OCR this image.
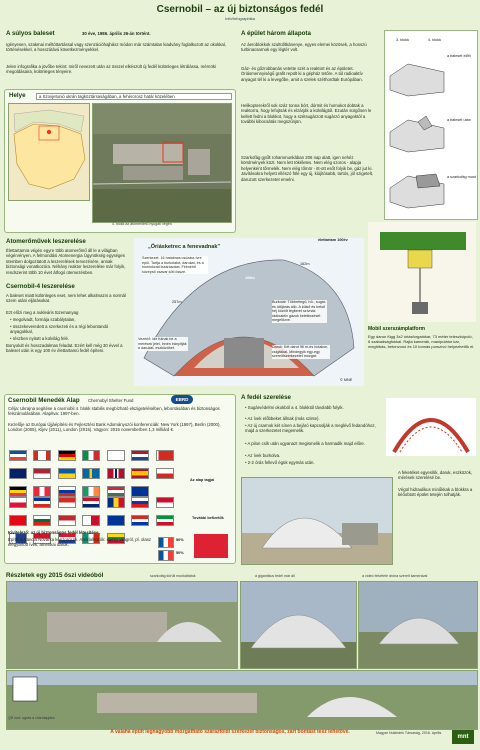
Csernobil – az új biztonságos fedél
Infó/Infographika
A súlyos baleset	30 éve, 1986. április 26-án történt.
Igényesen, szakmai méltóttartással vagy szenzációhajhász módon már számtalan kiadvány foglalkozott az okokkal, történésekkel, a hosszútávú következményekkel.
Jelen infografika a jövőbe tekint: miről nevezett után az összel elkészült új fedél különleges létrálássa, mérnöki megoldásaira, különleges tényeire.
Helye	a Szovjetunió ukrán tagköztársaságában, a fehérorosz határ közelében
4. blokk az atomerőmű nyugati végén
A épület három állapota
Az áeroblokkok szultülítkánenye, egyes elemei közösek, a hosszú turbinacsarnok egy légtér volt.
Gáz- és gőzrobbanás vetette szét a reaktort és az épületet. Óriásmennyiségű grafit repült ki a gépház tetőre. A túl radioaktív anyagot tél ki a levegőbe, amit a szelek széthordtak Európában.
Helikopterekről sok száz tonna bórt, dórmit és homokot dobtak a reaktorra, hogy lefojtsák és elzárják a külvilágtól. Ezután sürgősen le kellett fedni a blokkot, hogy a szétsugárzott sugárzó anyagoktól a további kibocsátás megszűnjön.
Szarkofág gyűlt rohammunkában 206 nap alatt, igen nehéz körülmények közt. Nem lett tökéletes. Nem elég szoros - alapja helyenként tőrmelék. Nem elég tőmör - itt-ott esőt folyik be, gáz jut ki. Javításokra helyett ellészó fölé egy új, kiújítósabb, tartós, jól szigetelt, daruzott szerkezetet emelni.
3. blokk	4. blokk
a baleset előtt
a baleset után
a szarkofág most
Atomerőművek leszerelése
Élettartamra végén egyre több atomerőmű áll le a világban végérvényen. A felmondási Atomenergia Ügynökség egységes ütemben dolgoztatott a leszerelések tervezésére, annak biztonsági vonatkozóra. Néhány reaktor leszerelése már folyik, rendszerint több 10 évet átfogó ütemezésben.
Csernobil-4 leszerelése
A baleset miatt különleges eset, nem lehet alkalmazni a normál üzem utáni eljárásokat.
Ezt előzi meg a nukleáris tüzemanyag
• megolvadt, formája szabálytalan,
• összekeveredett a szerkezeti és a régi lebontandó anyagokkal,
• részben nyitott a külvilág felé.
Bonyolult és hosszadalmas feladat. Ezért kell még 30 évvel a baleset után is egy 100 év élettartamú fedél építeni.
„Óriásketrec a fenevadnak”
élettartam 100év
Szerkezet: 16 hatalmas csúzára ívre épül. Tartja a burkolatot, darukat, és a homlokzati lezárásokat. Félméhő középső csavar köti össze.
Burkolat: Többrétegű, hő-, sugár- és időjárás álló. A külső és belső héj között légiteret szívnak radioaktív gázok keletkezését megelőzve.
Vezérlő: ide futnak be a mérések jelei, innen irányítják a darukat, eszközöket.	Daruk: Két darut 96 m-es hídakon, csigákkal. Mindegyik egy-egy szerelőszerkezetet mozgat.
108m
162m
257m
© MNE
Mobil szerszámplatform
Egy darun függ 3x2 óriásforgatókar, 73 méter teleszkópoló, 6 szabadságfokkal. Rajta kamerák, manipulátor kar, meghibás, betonvonó és 10 tonnás porszívó helyezhetők el.
Csernobil Menedék Alap Chernobyl Shelter Fund	EBRD
Célja: Ukrajna segítése a csernobil 4. blokk stabilis megbízható elszigetelésében, lebontásában és biztonságos felszámolásában. Alapítva: 1997-ben.
Kezelője az Európai Újjáépítési és Fejlesztési Bank Adományozói konferenciák: New York (1997), Berlin (2000), London (2005), Kijev (2011), London (2015). Vagyon: 2015 novemberben 1,3 milliárd €.

Az alap tagjai

További befizetők
Kivitelező: az új biztonságos fedél létesítése.
Építő: a francia Novarka konzorcium. Alvállalkozók: egész világról, pl. olasz elégyártott ívek, amerikai daruk.
50%
50%
A fedél szerelése
• Sugárvédelmi okokból a 4. blokktól távolabb folyik.
• Az ívek előbbeket állnak (más szinte).
• Az új csarnok két sínen a bejáró kapcsolják a meglévő fedandóhoz, majd a szerkezetet megemelik.
• A pilon csík után ugyanazt megismelik a harmadik majd előre.
• Az ívek burkolva.
• 2-2 órás fellevő égük egymás után.
A feketéket egyesítik, daruk, eszközök, mérések szerelésé be.
Végül hidraulikus minűkkak a blokkra a kéőobtott épület tetején tolhatják.
Részletek egy 2015 őszi videóból	szarkofág körüli munkáltatok	a gigantikus fedél már áll	a videó felvétele dróna szerelt kamerával
QR kód: ugrás a videolapjára
A valaha épült legnagyobb mozgatható szárazföldi szerkezet biztonságos, zárt bontást tesz lehetővé.	Magyar Nukleáris Társaság, 2016. április
mnt
